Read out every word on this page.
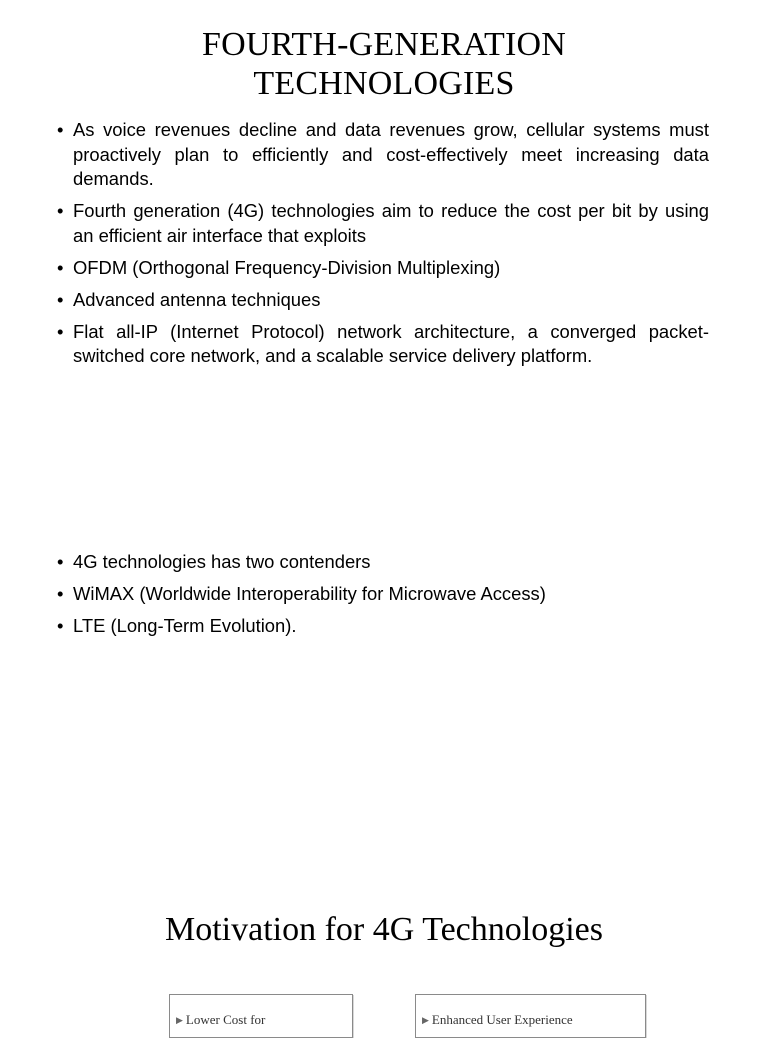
FOURTH-GENERATION
TECHNOLOGIES
• As voice revenues decline and data revenues grow, cellular systems must proactively plan to efficiently and cost-effectively meet increasing data demands.
• Fourth generation (4G) technologies aim to reduce the cost per bit by using an efficient air interface that exploits
• OFDM (Orthogonal Frequency-Division Multiplexing)
• Advanced antenna techniques
• Flat all-IP (Internet Protocol) network architecture, a converged packet-switched core network, and a scalable service delivery platform.
• 4G technologies has two contenders
• WiMAX (Worldwide Interoperability for Microwave Access)
• LTE (Long-Term Evolution).
Motivation for 4G Technologies
▶ Lower Cost for	▶ Enhanced User Experience
